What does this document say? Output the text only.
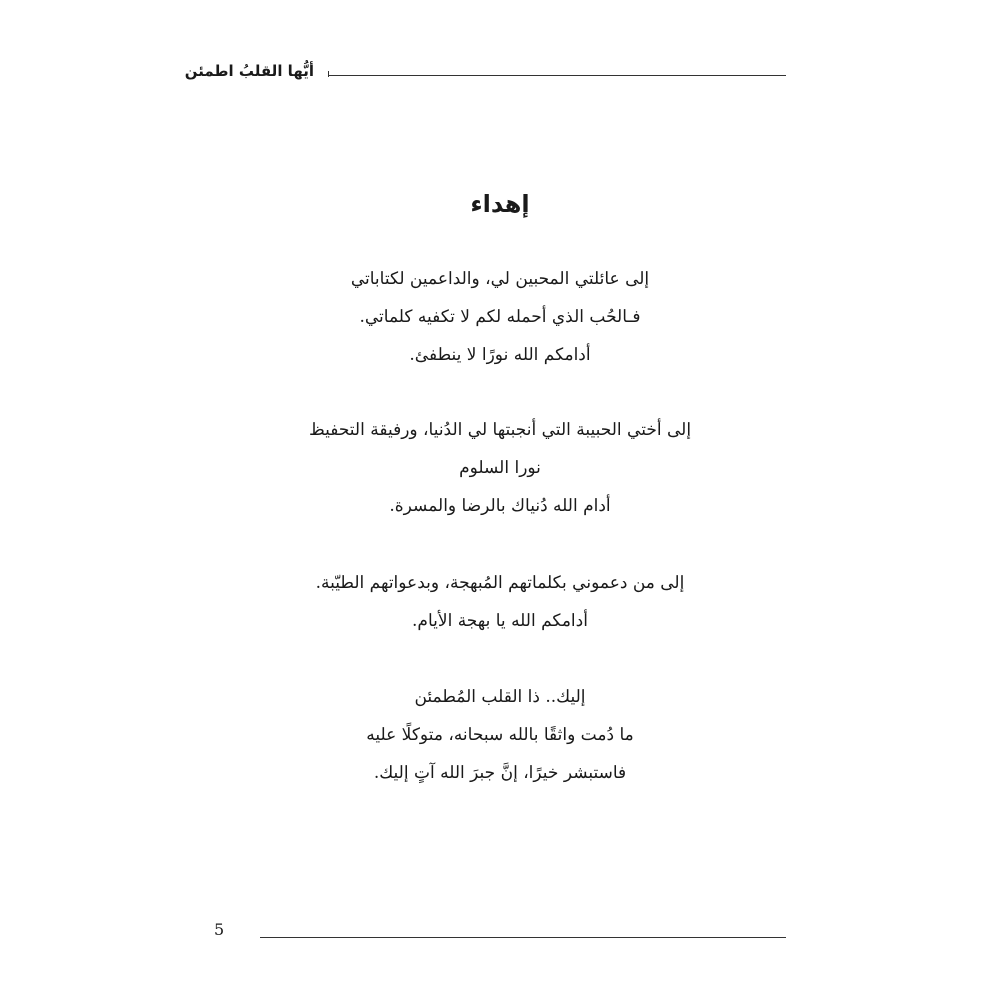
أيُّها القلبُ اطمئن
إهداء
إلى عائلتي المحبين لي، والداعمين لكتاباتي
فـالحُب الذي أحمله لكم لا تكفيه كلماتي.
أدامكم الله نورًا لا ينطفئ.
إلى أختي الحبيبة التي أنجبتها لي الدُنيا، ورفيقة التحفيظ
نورا السلوم
أدام الله دُنياك بالرضا والمسرة.
إلى من دعموني بكلماتهم المُبهجة، وبدعواتهم الطيّبة.
أدامكم الله يا بهجة الأيام.
إليك.. ذا القلب المُطمئن
ما دُمت واثقًا بالله سبحانه، متوكلًا عليه
فاستبشر خيرًا، إنَّ جبرَ الله آتٍ إليك.
5
